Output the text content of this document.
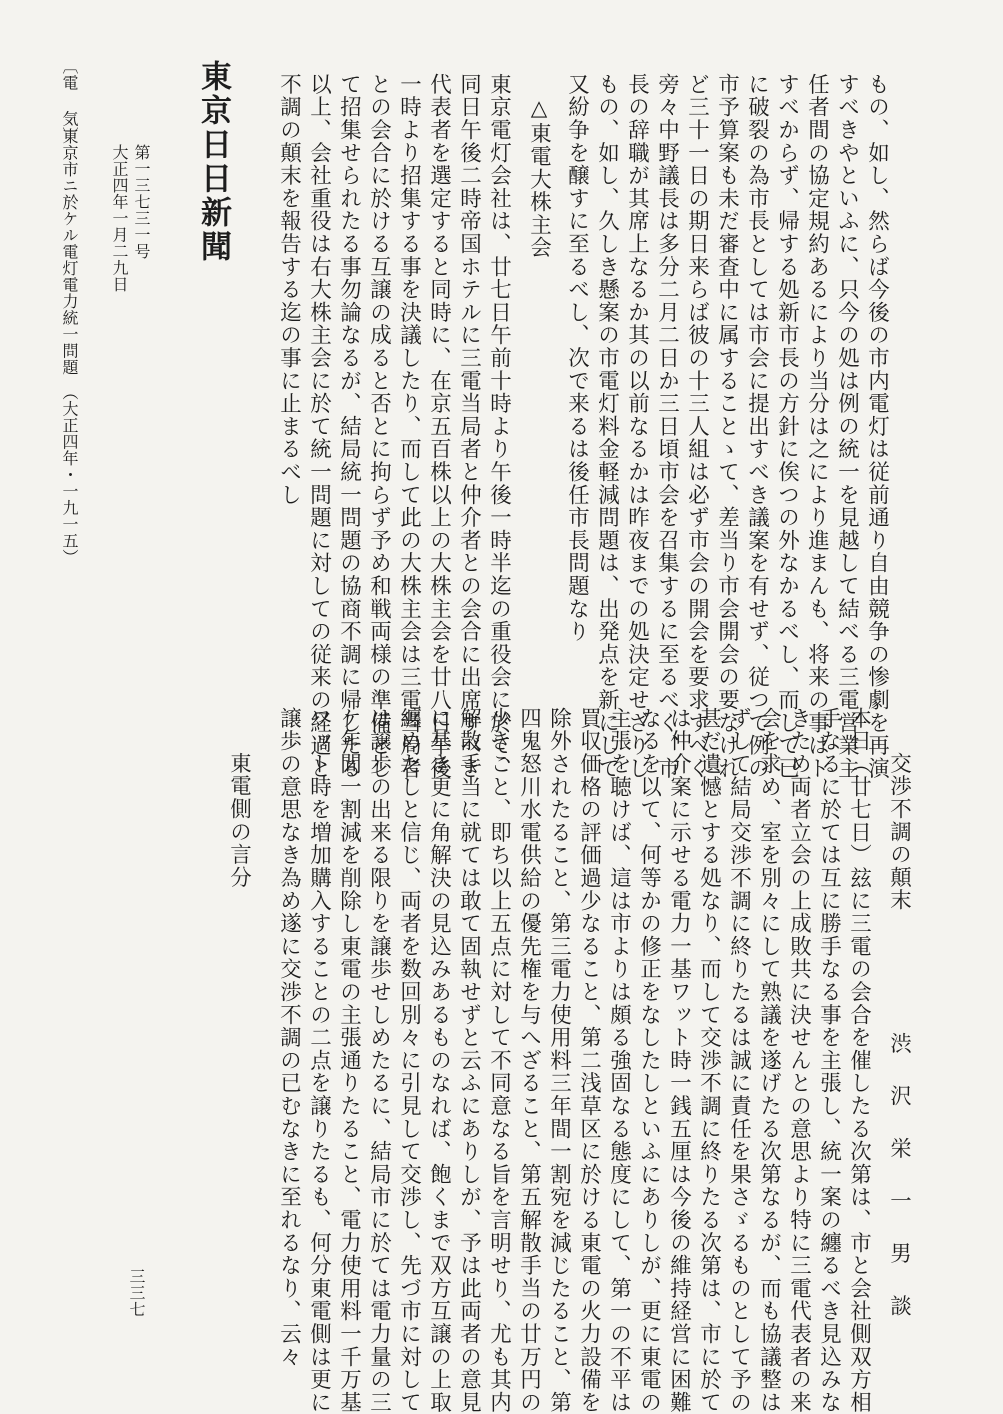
もの、如し、然らば今後の市内電灯は従前通り自由競争の惨劇を再演
すべきやといふに、只今の処は例の統一を見越して結べる三電営業主
任者間の協定規約あるにより当分は之により進まんも、将来の事はト
すべからず、帰する処新市長の方針に俟つの外なかるべし、而して已
に破裂の為市長としては市会に提出すべき議案を有せず、従つて例の
市予算案も未だ審査中に属することゝて、差当り市会開会の要なけれ
ど三十一日の期日来らば彼の十三人組は必ず市会の開会を要求すべく
旁々中野議長は多分二月二日か三日頃市会を召集するに至るべく、市
長の辞職が其席上なるか其の以前なるかは昨夜までの処決定せざりし
もの、如し、久しき懸案の市電灯料金軽減問題は、出発点を新にして
又紛争を醸すに至るべし、次で来るは後任市長問題なり
△東電大株主会
東京電灯会社は、廿七日午前十時より午後一時半迄の重役会に於て、
同日午後二時帝国ホテルに三電当局者と仲介者との会合に出席すべき
代表者を選定すると同時に、在京五百株以上の大株主会を廿八日午後
一時より招集する事を決議したり、而して此の大株主会は三電当局者
との会合に於ける互譲の成ると否とに拘らず予め和戦両様の準備とし
て招集せられたる事勿論なるが、結局統一問題の協商不調に帰したる
以上、会社重役は右大株主会に於て統一問題に対しての従来の経過と
不調の顛末を報告する迄の事に止まるべし
東京日日新聞
第一三七三一号
大正四年一月二九日
〔電 気〕
東京市ニ於ケル電灯電力統一問題　（大正四年・一九一五）
交渉不調の顛末
渋 沢 栄 一 男 談
本日（廿七日）玆に三電の会合を催したる次第は、市と会社側双方相
手なるに於ては互に勝手なる事を主張し、統一案の纏るべき見込みな
きため両者立会の上成敗共に決せんとの意思より特に三電代表者の来
会を求め、室を別々にして熟議を遂げたる次第なるが、而も協議整は
ずして結局交渉不調に終りたるは誠に責任を果さゞるものとして予の
甚だ遺憾とする処なり、而して交渉不調に終りたる次第は、市に於て
は仲介案に示せる電力一基ワット時一銭五厘は今後の維持経営に困難
なるを以て、何等かの修正をなしたしといふにありしが、更に東電の
主張を聴けば、這は市よりは頗る強固なる態度にして、第一の不平は
買収価格の評価過少なること、第二浅草区に於ける東電の火力設備を
除外されたること、第三電力使用料三年間一割宛を減じたること、第
四鬼怒川水電供給の優先権を与へざること、第五解散手当の廿万円の
少きこと、即ち以上五点に対して不同意なる旨を言明せり、尤も其内
解散手当に就ては敢て固執せずと云ふにありしが、予は此両者の意見
に基き更に角解決の見込みあるものなれば、飽くまで双方互譲の上取
纏めたしと信じ、両者を数回別々に引見して交渉し、先づ市に対して
は譲歩の出来る限りを譲歩せしめたるに、結局市に於ては電力量の三
ケ年間一割減を削除し東電の主張通りたること、電力使用料一千万基
ワット時を増加購入することの二点を譲りたるも、何分東電側は更に
譲歩の意思なき為め遂に交渉不調の已むなきに至れるなり、云々
東電側の言分
三三七
